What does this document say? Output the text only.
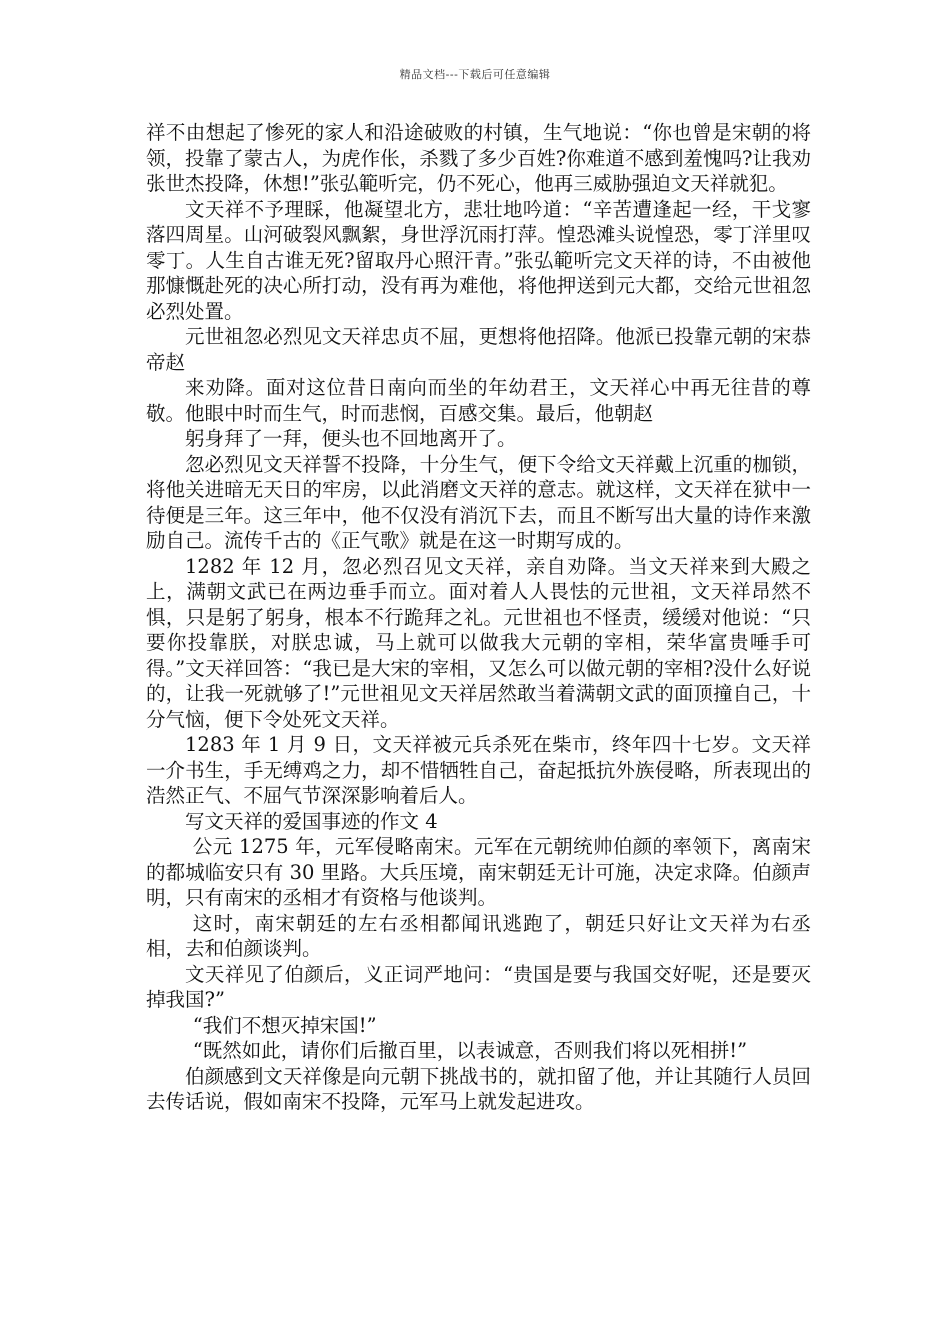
精品文档---下载后可任意编辑

祥不由想起了惨死的家人和沿途破败的村镇，生气地说：“你也曾是宋朝的将领，投靠了蒙古人，为虎作伥，杀戮了多少百姓?你难道不感到羞愧吗?让我劝张世杰投降，休想!”张弘範听完，仍不死心，他再三威胁强迫文天祥就犯。

文天祥不予理睬，他凝望北方，悲壮地吟道：“辛苦遭逢起一经，干戈寥落四周星。山河破裂风飘絮，身世浮沉雨打萍。惶恐滩头说惶恐，零丁洋里叹零丁。人生自古谁无死?留取丹心照汗青。”张弘範听完文天祥的诗，不由被他那慷慨赴死的决心所打动，没有再为难他，将他押送到元大都，交给元世祖忽必烈处置。

元世祖忽必烈见文天祥忠贞不屈，更想将他招降。他派已投靠元朝的宋恭帝赵

来劝降。面对这位昔日南向而坐的年幼君王，文天祥心中再无往昔的尊敬。他眼中时而生气，时而悲悯，百感交集。最后，他朝赵

躬身拜了一拜，便头也不回地离开了。

忽必烈见文天祥誓不投降，十分生气，便下令给文天祥戴上沉重的枷锁，将他关进暗无天日的牢房，以此消磨文天祥的意志。就这样，文天祥在狱中一待便是三年。这三年中，他不仅没有消沉下去，而且不断写出大量的诗作来激励自己。流传千古的《正气歌》就是在这一时期写成的。

1282 年 12 月，忽必烈召见文天祥，亲自劝降。当文天祥来到大殿之上，满朝文武已在两边垂手而立。面对着人人畏怯的元世祖，文天祥昂然不惧，只是躬了躬身，根本不行跪拜之礼。元世祖也不怪责，缓缓对他说：“只要你投靠朕，对朕忠诚，马上就可以做我大元朝的宰相，荣华富贵唾手可得。”文天祥回答：“我已是大宋的宰相，又怎么可以做元朝的宰相?没什么好说的，让我一死就够了!”元世祖见文天祥居然敢当着满朝文武的面顶撞自己，十分气恼，便下令处死文天祥。

1283 年 1 月 9 日，文天祥被元兵杀死在柴市，终年四十七岁。文天祥一介书生，手无缚鸡之力，却不惜牺牲自己，奋起抵抗外族侵略，所表现出的浩然正气、不屈气节深深影响着后人。

写文天祥的爱国事迹的作文 4

公元 1275 年，元军侵略南宋。元军在元朝统帅伯颜的率领下，离南宋的都城临安只有 30 里路。大兵压境，南宋朝廷无计可施，决定求降。伯颜声明，只有南宋的丞相才有资格与他谈判。

这时，南宋朝廷的左右丞相都闻讯逃跑了，朝廷只好让文天祥为右丞相，去和伯颜谈判。

文天祥见了伯颜后，义正词严地问：“贵国是要与我国交好呢，还是要灭掉我国?”

“我们不想灭掉宋国!”

“既然如此，请你们后撤百里，以表诚意，否则我们将以死相拼!”

伯颜感到文天祥像是向元朝下挑战书的，就扣留了他，并让其随行人员回去传话说，假如南宋不投降，元军马上就发起进攻。
